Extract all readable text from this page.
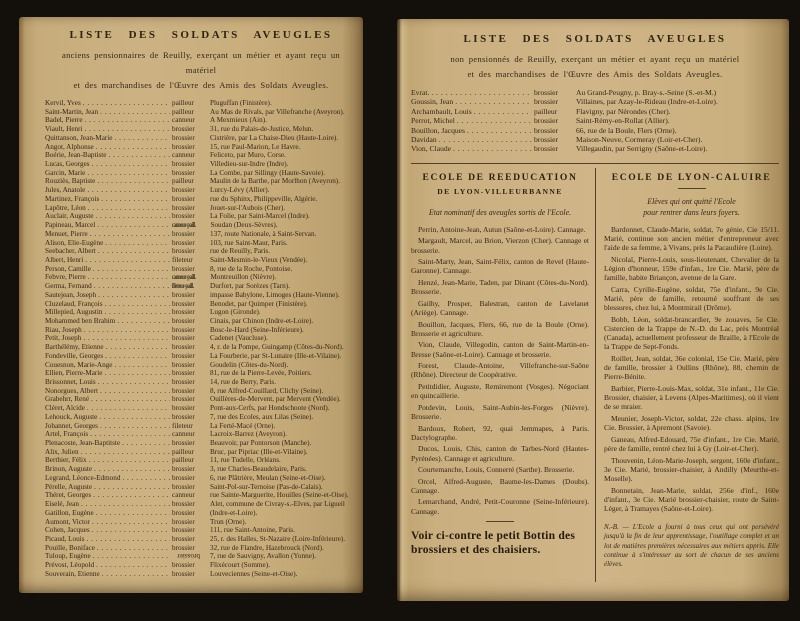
LISTE DES SOLDATS AVEUGLES
anciens pensionnaires de Reuilly, exerçant un métier et ayant reçu un matériel
et des marchandises de l'Œuvre des Amis des Soldats Aveugles.
Kervil, Yves . . .	pailleur	Pluguffan (Finistère).
Saint-Martin, Jean . . .	pailleur	Au Mas de Rivals, par Villefranche (Aveyron).
Badel, Pierre . . .	canneur	A Mexmieux (Ain).
Viault, Henri . . .	brossier	31, rue du Palais-de-Justice, Melun.
Quittanson, Jean-Marie . . .	brossier	Cistrière, par La Chaise-Dieu (Haute-Loire).
Angot, Alphonse . . .	brossier	15, rue Paul-Marion, Le Havre.
Boérie, Jean-Baptiste . . .	canneur	Feliceto, par Muro, Corse.
Lucas, Georges . . .	brossier	Villedieu-sur-Indre (Indre).
Garcin, Marie . . .	brossier	La Combe, par Sillingy (Haute-Savoie).
Rouziès, Baptiste . . .	pailleur	Maulin de la Barthe, par Morlhon (Aveyron).
Jules, Anatole . . .	brossier	Lurcy-Lévy (Allier).
Martinez, François . . .	brossier	rue du Sphinx, Philippeville, Algérie.
Lapôtre, Léon . . .	brossier	Jouet-sur-l'Aubois (Cher).
Auclair, Auguste . . .	brossier	La Folie, par Saint-Marcel (Indre).
Papineau, Marcel . . .	canneur-paill. Soudan (Deux-Sèvres).
Menuet, Pierre . . .	brossier	137, route Nationale, à Saint-Servan.
Alison, Elie-Eugène . . .	brossier	103, rue Saint-Maur, Paris.
Seebacher, Albert . . .	brossier	rue de Reuilly, Paris.
Albert, Henri . . .	fileteur	Saint-Mesmin-le-Vieux (Vendée).
Person, Camille . . .	brossier	8, rue de la Roche, Pontoise.
Febvre, Pierre . . .	canneur-paill. Montreuillon (Nièvre).
Germa, Fernand . . .	fileteur-paill. Durfort, par Sorèzes (Tarn).
Sautejean, Joseph . . .	brossier	impasse Babylone, Limoges (Haute-Vienne).
Cluzelaud, François . . .	brossier	Benodet, par Quimper (Finistère).
Millepied, Augustin . . .	brossier	Lugon (Gironde).
Mohammed ben Brahim . . .	brossier	Cinais, par Chinon (Indre-et-Loire).
Riau, Joseph . . .	brossier	Bosc-le-Hard (Seine-Inférieure).
Petit, Joseph . . .	brossier	Cadenet (Vaucluse).
Barthélémy, Etienne . . .	brossier	4, r. de la Pompe, Guingamp (Côtes-du-Nord).
Fondeville, Georges . . .	brossier	La Fourberie, par St-Lunaire (Ille-et-Vilaine).
Couesnon, Marie-Ange . . .	brossier	Goudelin (Côtes-du-Nord).
Ellien, Pierre-Marie . . .	brossier	81, rue de la Pierre-Levée, Poitiers.
Brissonnet, Louis . . .	brossier	14, rue de Berry, Paris.
Nonorgues, Albert . . .	brossier	8, rue Alfred-Couillard, Clichy (Seine).
Grabehrr, René . . .	brossier	Ouillères-de-Mervent, par Mervent (Vendée).
Cléret, Alcide . . .	brossier	Pont-aux-Cerfs, par Hondschoote (Nord).
Lehouck, Auguste . . .	brossier	7, rue des Ecoles, aux Lilas (Seine).
Johannet, Georges . . .	fileteur	La Ferté-Macé (Orne).
Artel, François . . .	canneur	Lacroix-Barrez (Aveyron).
Plenacoste, Jean-Baptitste . . .	brossier	Beauvoir, par Pontorson (Manche).
Alix, Julien . . .	pailleur	Bruc, par Pipriac (Ille-et-Vilaine).
Berthier, Félix . . .	pailleur	11, rue Tudelle, Orléans.
Brinon, Auguste . . .	brossier	3, rue Charles-Beaudelaire, Paris.
Legrand, Léonce-Edmond . . .	brossier	6, rue Plâtrière, Meulan (Seine-et-Oise).
Pérelle, Auguste . . .	brossier	Saint-Pol-sur-Ternoise (Pas-de-Calais).
Théret, Georges . . .	canneur	rue Sainte-Marguerite, Houilles (Seine-et-Oise).
Eiselé, Jean . . .	brossier	Alet, commune de Civray-s.-Elves, par Ligueil
Gatillon, Eugène . . .	brossier	(Indre-et-Loire).
Aumont, Victor . . .	brossier	Trun (Orne).
Cohen, Jacques . . .	brossier	111, rue Saint-Antoine, Paris.
Picaud, Louis . . .	brossier	25, r. des Halles, St-Nazaire (Loire-Inférieure).
Pouille, Boniface . . .	brossier	32, rue de Flandre, Hazebrouck (Nord).
Tuloup, Eugène . . .	brossier 7, rue de Sauvigny, Avallon (Yonne).
Prévost, Léopold . . .	brossier	Flixécourt (Somme).
Souverain, Etienne . . .	brossier	Louveciennes (Seine-et-Oise).
LISTE DES SOLDATS AVEUGLES
non pensionnés de Reuilly, exerçant un métier et ayant reçu un matériel
et des marchandises de l'Œuvre des Amis des Soldats Aveugles.
Evrat. . . .	brossier	Au Grand-Peugny, p. Bray-s.-Seine (S.-et-M.)
Goussin, Jean . . .	brossier	Villaines, par Azay-le-Rideau (Indre-et-Loire).
Archambault, Louis . . .	pailleur	Flavigny, par Nérondes (Cher).
Perrot, Michel . . .	brossier	Saint-Rémy-en-Rollat (Allier).
Bouillon, Jacques . . .	brossier	66, rue de la Boule, Flers (Orne).
Davidan . . .	brossier	Maison-Neuve, Cormeray (Loir-et-Cher).
Vion, Claude . . .	brossier	Villegaudin, par Serrigny (Saône-et-Loire).
ECOLE DE REEDUCATION
DE LYON-VILLEURBANNE
Etat nominatif des aveugles sortis de l'Ecole.

Perrin, Antoine-Jean, Autun (Saône-et-Loire). Cannage.

Margault, Marcel, au Brion, Vierzon (Cher). Cannage et brosserie.

Saint-Marty, Jean, Saint-Félix, canton de Revel (Haute-Garonne). Cannage.

Henzé, Jean-Marie, Taden, par Dinant (Côtes-du-Nord). Brosserie.

Gailhy, Prosper, Balestran, canton de Lavelanet (Ariège). Cannage.

Bouillon, Jacques, Flers, 66, rue de la Boule (Orne). Brosserie et agriculture.

Vion, Claude, Villegodin, canton de Saint-Martin-en-Bresse (Saône-et-Loire). Cannage et brosserie.

Forest, Claude-Antoine, Villefranche-sur-Saône (Rhône). Directeur de Coopérative.

Petitdidier, Auguste, Remiremont (Vosges). Négociant en quincaillerie.

Potdevin, Louis, Saint-Aubin-les-Forges (Nièvre). Brosserie.

Bardoux, Robert, 92, quai Jemmapes, à Paris. Dactylographe.

Ducos, Louis, Chis, canton de Tarbes-Nord (Hautes-Pyrénées). Cannage et agriculture.

Courtemanche, Louis, Connerré (Sarthe). Brosserie.

Orcel, Alfred-Auguste, Baume-les-Dames (Doubs). Cannage.

Lemarchand, André, Petit-Couronne (Seine-Inférieure). Cannage.

Voir ci-contre le petit Bottin des brossiers et des chaisiers.
ECOLE DE LYON-CALUIRE
Elèves qui ont quitté l'Ecole
pour rentrer dans leurs foyers.

Bardonnet, Claude-Marie, soldat, 7e génie, Cie 15/11. Marié, continue son ancien métier d'entrepreneur avec l'aide de sa femme, à Vivans, près la Pacaudière (Loire).

Nicolaï, Pierre-Louis, sous-lieutenant, Chevalier de la Légion d'honneur, 159e d'infan., 1re Cie. Marié, père de famille, habite Briançon, avenue de la Gare.

Carra, Cyrille-Eugène, soldat, 75e d'infant., 9e Cie. Marié, père de famille, retourné souffrant de ses blessures, chez lui, à Montmirail (Drôme).

Bobb, Léon, soldat-brancardier, 9e zouaves, 5e Cie. Cistercien de la Trappe de N.-D. du Lac, près Montréal (Canada), actuellement professeur de Braille, à l'Ecole de la Trappe de Sept-Fonds.

Roillet, Jean, soldat, 36e colonial, 15e Cie. Marié, père de famille, brossier à Oullins (Rhône), 88, chemin de Pierre-Bénite.

Barbier, Pierre-Louis-Max, soldat, 31e infant., 11e Cie. Brossier, chaisier, à Levens (Alpes-Maritimes), où il vient de se mraier.

Meunier, Joseph-Victor, soldat, 22e chass. alpins, 1re Cie. Brossier, à Apremont (Savoie).

Ganeau, Alfred-Edouard, 75e d'infant., 1re Cie. Marié, père de famille, rentré chez lui à Gy (Loir-et-Cher).

Thouvenin, Léon-Marie-Joseph, sergent, 160e d'infant., 3e Cie. Marié, brossier-chaisier, à Andilly (Meurthe-et-Moselle).

Bonnetain, Jean-Marie, soldat, 256e d'inf., 160e d'infant., 3e Cie. Marié brossier-chaisier, route de Saint-Léger, à Tramayes (Saône-et-Loire).

N.-B. — L'Ecole a fourni à tous ceux qui ont persévéré jusqu'à la fin de leur apprentissage, l'outillage complet et un lot de matières premières nécessaires aux métiers appris. Elle continue à s'intéresser au sort de chacun de ses anciens élèves.
